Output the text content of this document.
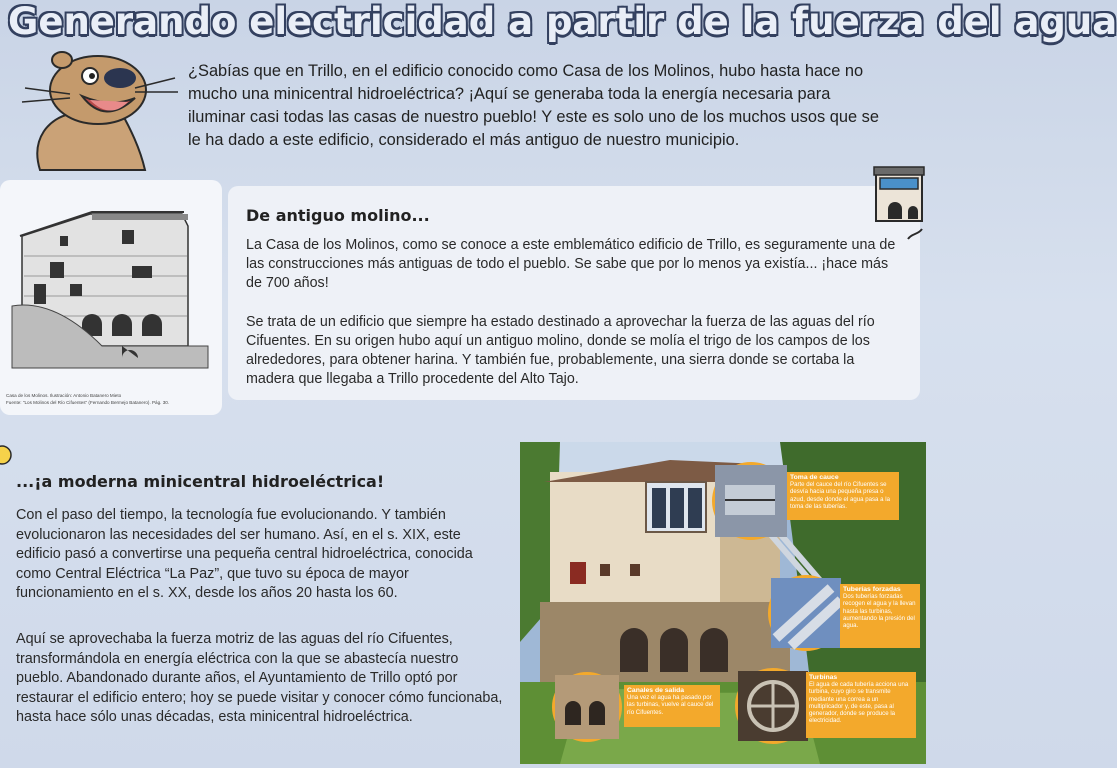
Generando electricidad a partir de la fuerza del agua

¿Sabías que en Trillo, en el edificio conocido como Casa de los Molinos, hubo hasta hace no mucho una minicentral hidroeléctrica? ¡Aquí se generaba toda la energía necesaria para iluminar casi todas las casas de nuestro pueblo! Y este es solo uno de los muchos usos que se le ha dado a este edificio, considerado el más antiguo de nuestro municipio.

Casa de los Molinos. Ilustración: Antonio Batanero Mieto
Fuente: "Los Molinos del Río Cifuentes" (Fernando Bermejo Batanero). Pág. 30.
De antiguo molino...

La Casa de los Molinos, como se conoce a este emblemático edificio de Trillo, es seguramente una de las construcciones más antiguas de todo el pueblo. Se sabe que por lo menos ya existía... ¡hace más de 700 años!

Se trata de un edificio que siempre ha estado destinado a aprovechar la fuerza de las aguas del río Cifuentes. En su origen hubo aquí un antiguo molino, donde se molía el trigo de los campos de los alrededores, para obtener harina. Y también fue, probablemente, una sierra donde se cortaba la madera que llegaba a Trillo procedente del Alto Tajo.

...¡a moderna minicentral hidroeléctrica!

Con el paso del tiempo, la tecnología fue evolucionando. Y también evolucionaron las necesidades del ser humano. Así, en el s. XIX, este edificio pasó a convertirse una pequeña central hidroeléctrica, conocida como Central Eléctrica “La Paz”, que tuvo su época de mayor funcionamiento en el s. XX, desde los años 20 hasta los 60.

Aquí se aprovechaba la fuerza motriz de las aguas del río Cifuentes, transformándola en energía eléctrica con la que se abastecía nuestro pueblo. Abandonado durante años, el Ayuntamiento de Trillo optó por restaurar el edificio entero; hoy se puede visitar y conocer cómo funcionaba, hasta hace sólo unas décadas, esta minicentral hidroeléctrica.

Toma de cauce
Parte del cauce del río Cifuentes se desvía hacia una pequeña presa o azud, desde donde el agua pasa a la toma de las tuberías.
Tuberías forzadas
Dos tuberías forzadas recogen el agua y la llevan hasta las turbinas, aumentando la presión del agua.
Turbinas
El agua de cada tubería acciona una turbina, cuyo giro se transmite mediante una correa a un multiplicador y, de este, pasa al generador, donde se produce la electricidad.
Canales de salida
Una vez el agua ha pasado por las turbinas, vuelve al cauce del río Cifuentes.
